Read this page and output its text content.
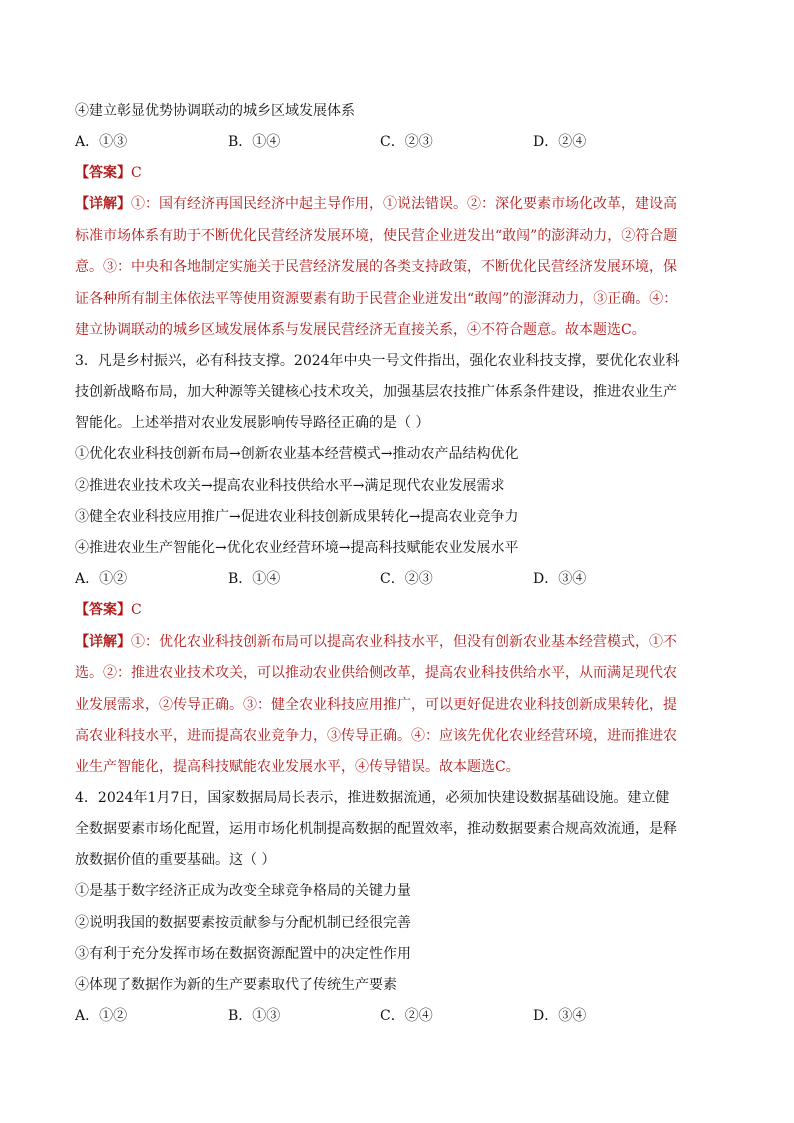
④建立彰显优势协调联动的城乡区域发展体系
A．①③	B．①④	C．②③	D．②④
【答案】C
【详解】①：国有经济再国民经济中起主导作用，①说法错误。②：深化要素市场化改革，建设高
标准市场体系有助于不断优化民营经济发展环境，使民营企业迸发出“敢闯”的澎湃动力，②符合题
意。③：中央和各地制定实施关于民营经济发展的各类支持政策，不断优化民营经济发展环境，保
证各种所有制主体依法平等使用资源要素有助于民营企业迸发出“敢闯”的澎湃动力，③正确。④：
建立协调联动的城乡区域发展体系与发展民营经济无直接关系，④不符合题意。故本题选C。
3．凡是乡村振兴，必有科技支撑。2024年中央一号文件指出，强化农业科技支撑，要优化农业科
技创新战略布局，加大种源等关键核心技术攻关，加强基层农技推广体系条件建设，推进农业生产
智能化。上述举措对农业发展影响传导路径正确的是（ ）
①优化农业科技创新布局→创新农业基本经营模式→推动农产品结构优化
②推进农业技术攻关→提高农业科技供给水平→满足现代农业发展需求
③健全农业科技应用推广→促进农业科技创新成果转化→提高农业竞争力
④推进农业生产智能化→优化农业经营环境→提高科技赋能农业发展水平
A．①②	B．①④	C．②③	D．③④
【答案】C
【详解】①：优化农业科技创新布局可以提高农业科技水平，但没有创新农业基本经营模式，①不
选。②：推进农业技术攻关，可以推动农业供给侧改革，提高农业科技供给水平，从而满足现代农
业发展需求，②传导正确。③：健全农业科技应用推广，可以更好促进农业科技创新成果转化，提
高农业科技水平，进而提高农业竞争力，③传导正确。④：应该先优化农业经营环境，进而推进农
业生产智能化，提高科技赋能农业发展水平，④传导错误。故本题选C。
4．2024年1月7日，国家数据局局长表示，推进数据流通，必须加快建设数据基础设施。建立健
全数据要素市场化配置，运用市场化机制提高数据的配置效率，推动数据要素合规高效流通，是释
放数据价值的重要基础。这（ ）
①是基于数字经济正成为改变全球竞争格局的关键力量
②说明我国的数据要素按贡献参与分配机制已经很完善
③有利于充分发挥市场在数据资源配置中的决定性作用
④体现了数据作为新的生产要素取代了传统生产要素
A．①②	B．①③	C．②④	D．③④
